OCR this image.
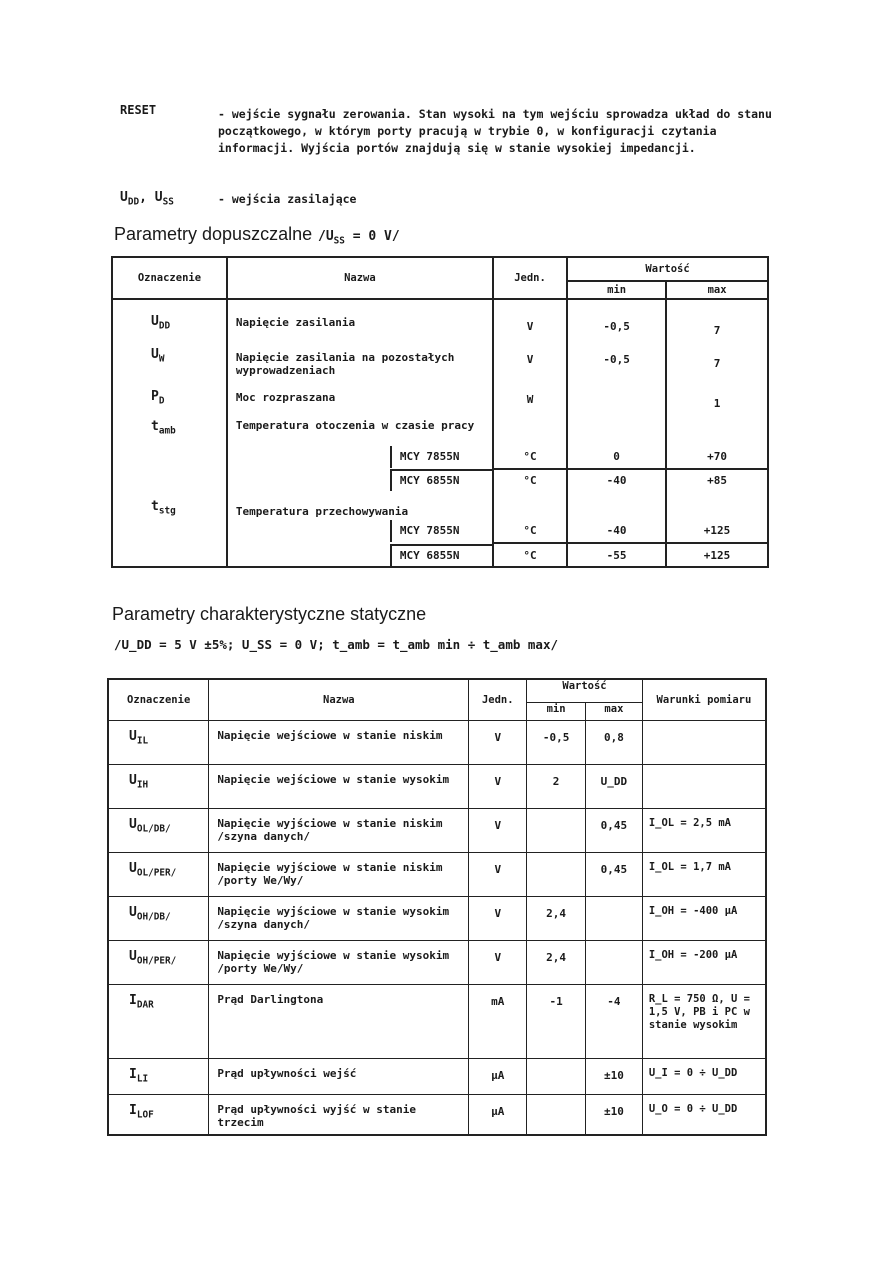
RESET	- wejście sygnału zerowania. Stan wysoki na tym wejściu sprowadza układ do stanu początkowego, w którym porty pracują w trybie 0, w konfiguracji czytania informacji. Wyjścia portów znajdują się w stanie wysokiej impedancji.
$U_{DD}$, $U_{SS}$	- wejścia zasilające
Parametry dopuszczalne $/U_{SS} = 0$ V/
Oznaczenie	Nazwa	Jedn.	Wartość	
			min	max
$U_{DD}$	Napięcie zasilania	V	-0,5	7
$U_W$	Napięcie zasilania na pozostałych wyprowadzeniach	V	-0,5	7
$P_D$	Moc rozpraszana	W		1
$t_{amb}$	Temperatura otoczenia w czasie pracy			
	MCY 7855N	°C	0	+70
	MCY 6855N	°C	-40	+85
$t_{stg}$	Temperatura przechowywania			
	MCY 7855N	°C	-40	+125
	MCY 6855N	°C	-55	+125
Parametry charakterystyczne statyczne
/U_DD = 5 V ±5%; U_SS = 0 V; t_amb = t_amb min ÷ t_amb max/
Oznaczenie	Nazwa	Jedn.	Wartość		Warunki pomiaru
			min	max	
$U_{IL}$	Napięcie wejściowe w stanie niskim	V	-0,5	0,8	
$U_{IH}$	Napięcie wejściowe w stanie wysokim	V	2	U_DD	
$U_{OL/DB/}$	Napięcie wyjściowe w stanie niskim /szyna danych/	V		0,45	I_OL = 2,5 mA
$U_{OL/PER/}$	Napięcie wyjściowe w stanie niskim /porty We/Wy/	V		0,45	I_OL = 1,7 mA
$U_{OH/DB/}$	Napięcie wyjściowe w stanie wysokim /szyna danych/	V	2,4		I_OH = -400 μA
$U_{OH/PER/}$	Napięcie wyjściowe w stanie wysokim /porty We/Wy/	V	2,4		I_OH = -200 μA
$I_{DAR}$	Prąd Darlingtona	mA	-1	-4	R_L = 750 Ω, U = 1,5 V, PB i PC w stanie wysokim
$I_{LI}$	Prąd upływności wejść	μA		±10	U_I = 0 ÷ U_DD
$I_{LOF}$	Prąd upływności wyjść w stanie trzecim	μA		±10	U_O = 0 ÷ U_DD
